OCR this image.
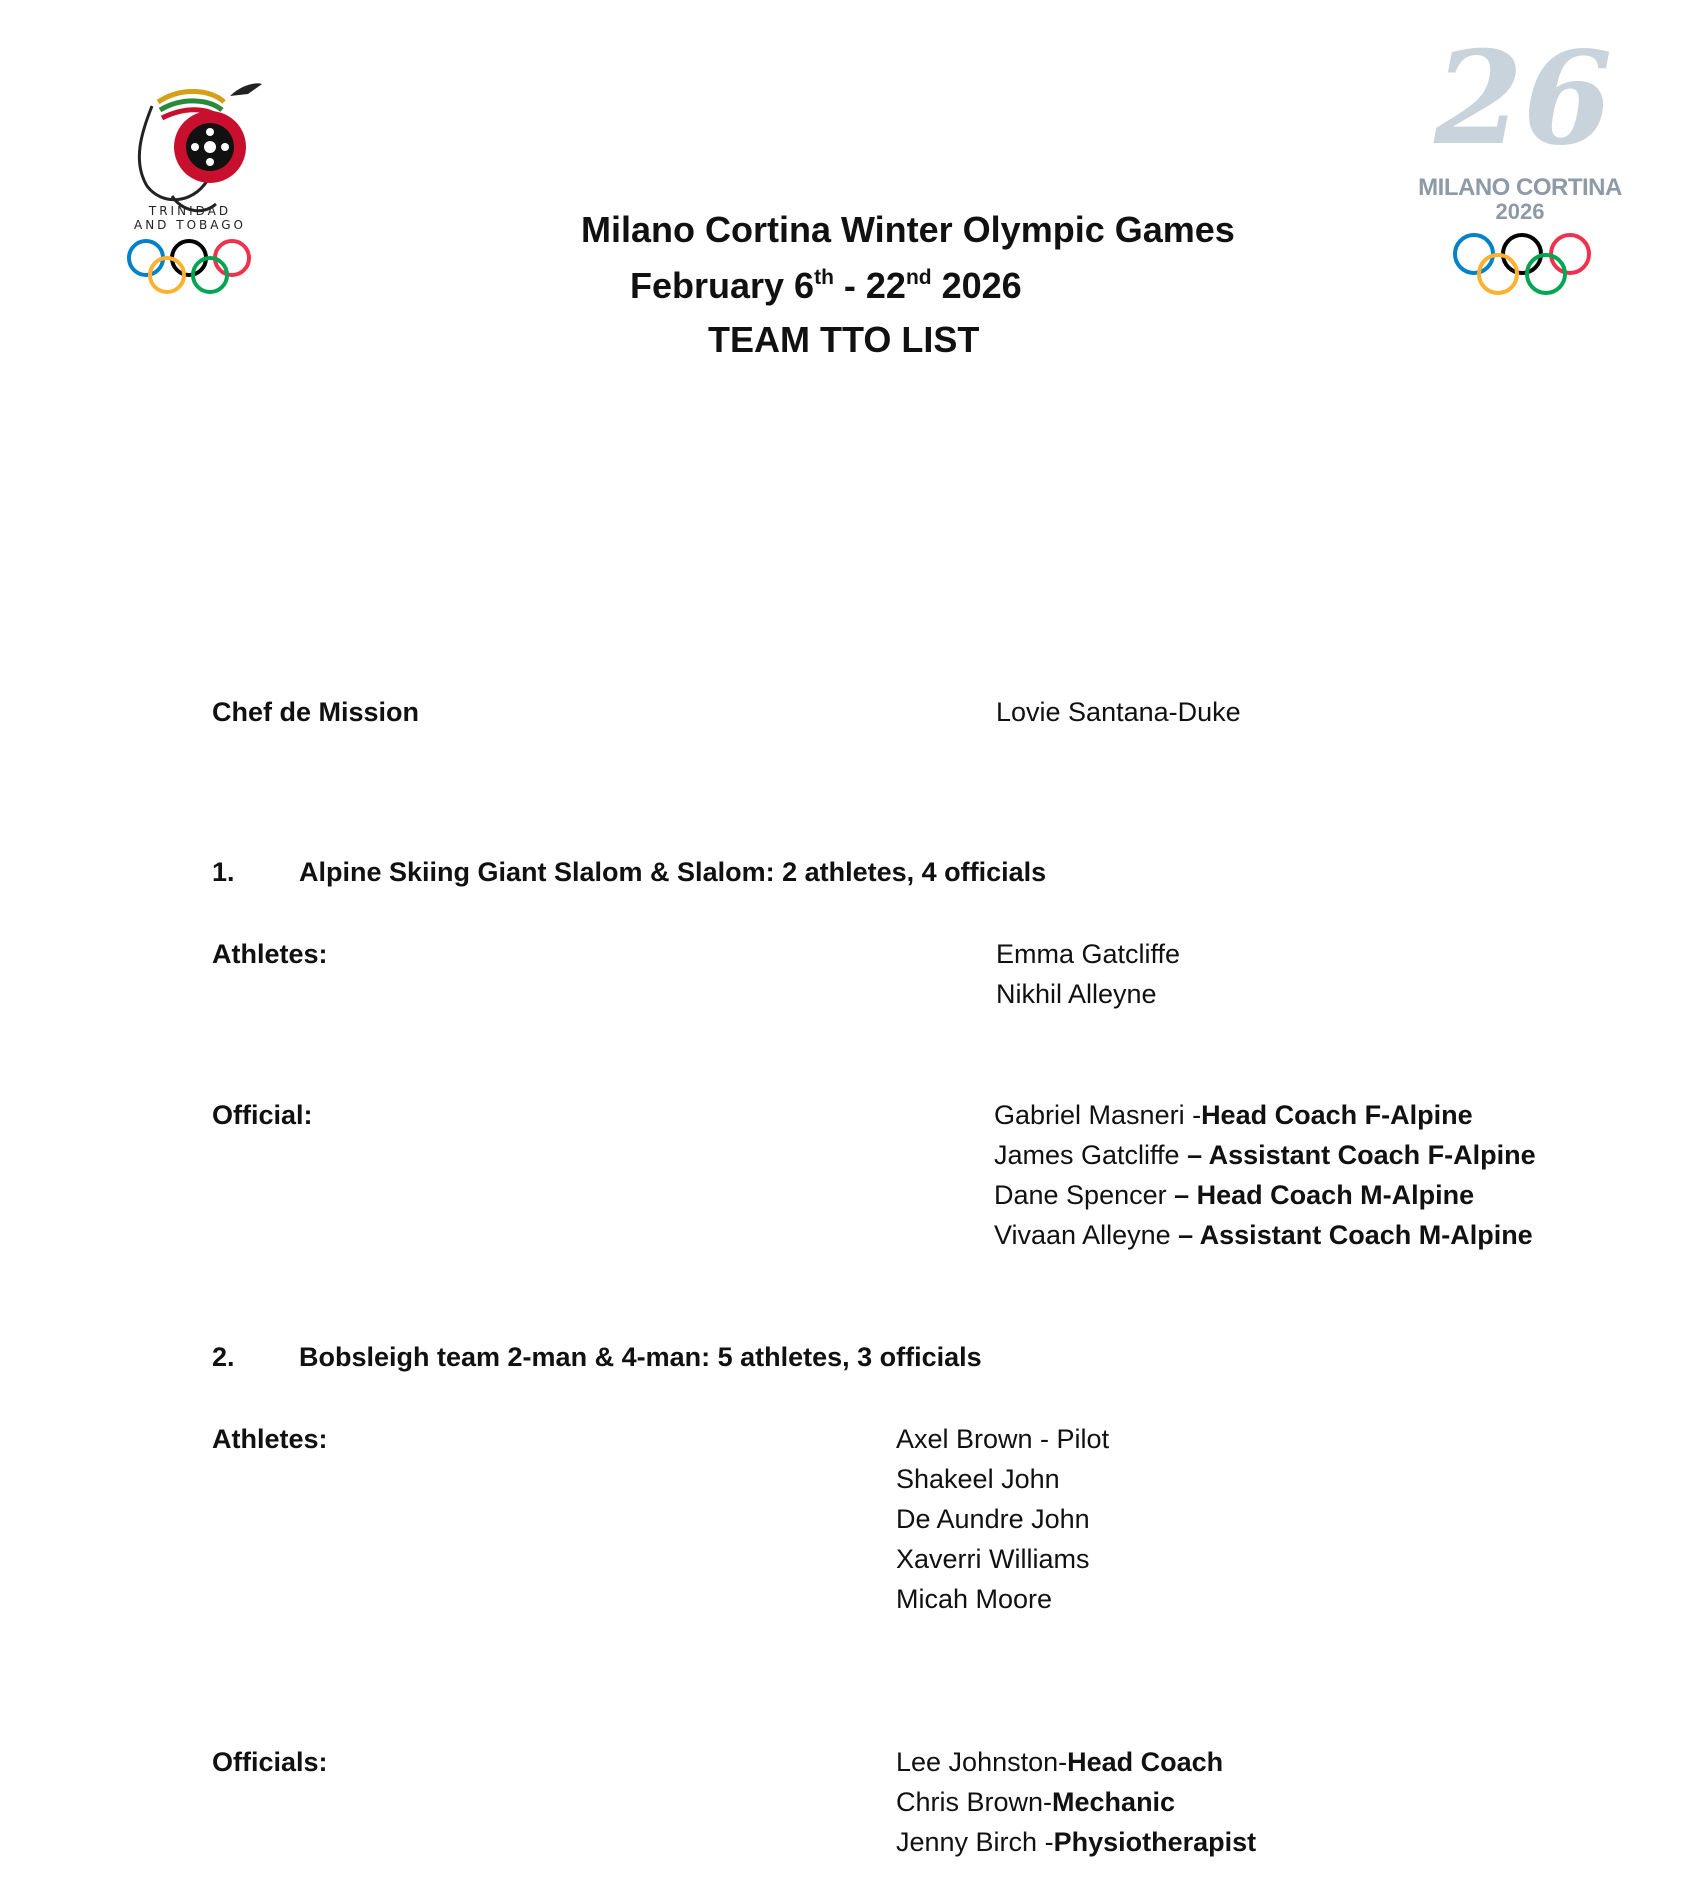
TRINIDAD
AND TOBAGO
26
MILANO CORTINA
2026
Milano Cortina Winter Olympic Games
February 6th - 22nd 2026
TEAM TTO LIST
Chef de Mission	Lovie Santana-Duke
1. Alpine Skiing Giant Slalom & Slalom: 2 athletes, 4 officials
Athletes:	Emma Gatcliffe
Nikhil Alleyne
Official:	Gabriel Masneri -Head Coach F-Alpine
James Gatcliffe – Assistant Coach F-Alpine
Dane Spencer – Head Coach M-Alpine
Vivaan Alleyne – Assistant Coach M-Alpine
2. Bobsleigh team 2-man & 4-man: 5 athletes, 3 officials
Athletes:	Axel Brown - Pilot
Shakeel John
De Aundre John
Xaverri Williams
Micah Moore
Officials:	Lee Johnston-Head Coach
Chris Brown-Mechanic
Jenny Birch -Physiotherapist
